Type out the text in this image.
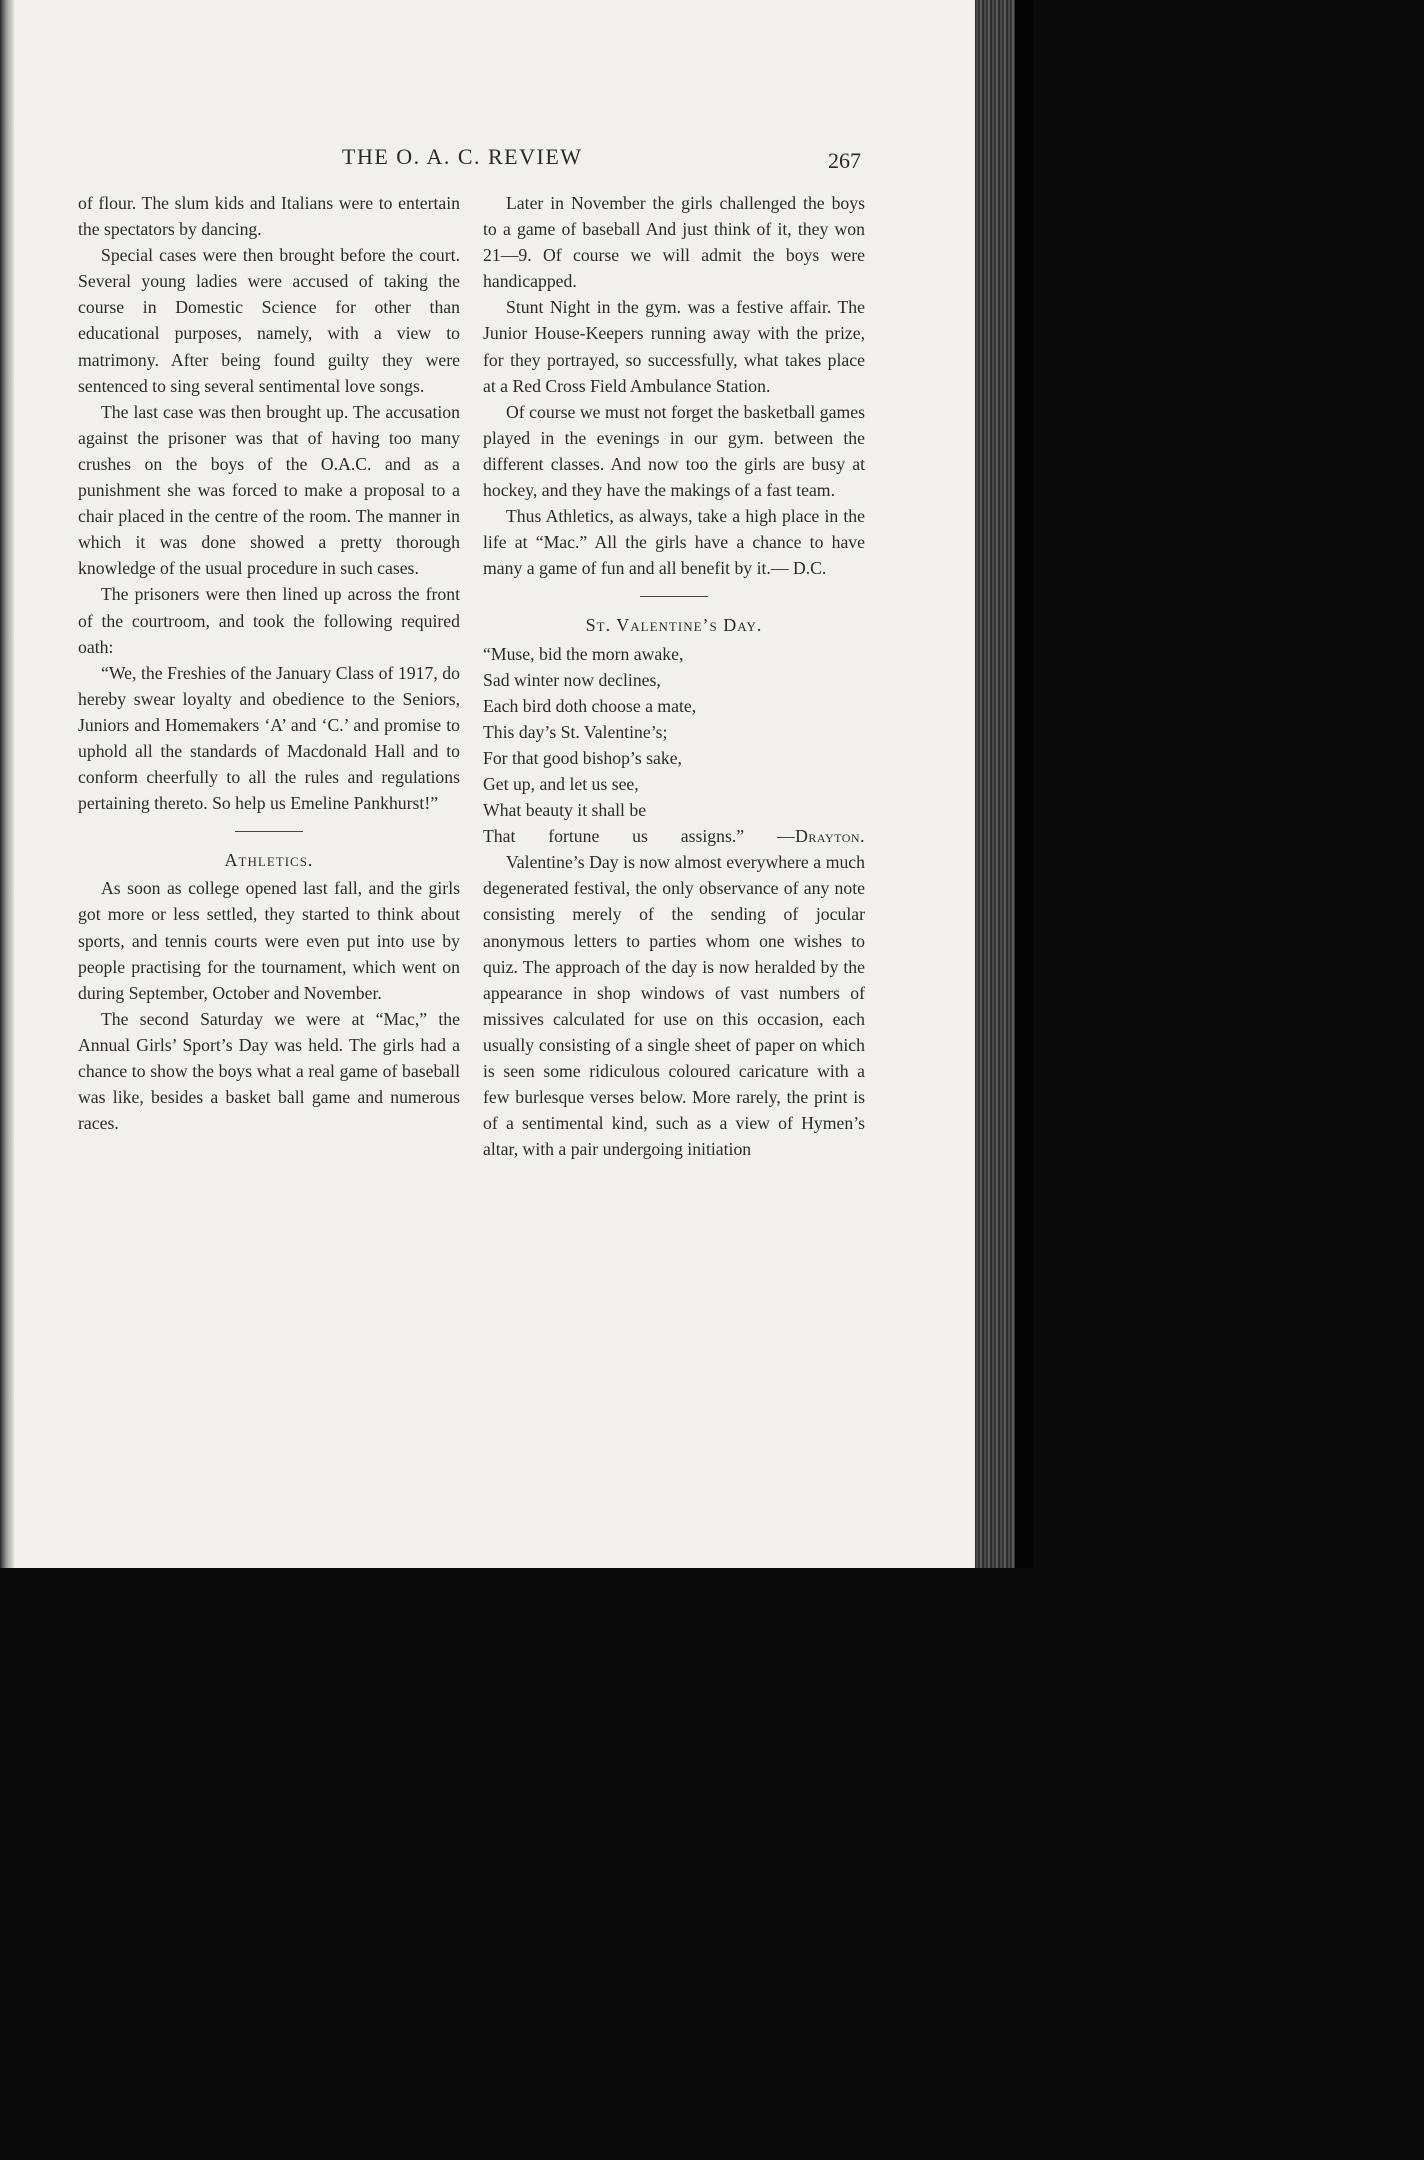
THE O. A. C. REVIEW	267

of flour. The slum kids and Italians were to entertain the spectators by dancing.

Special cases were then brought before the court. Several young ladies were accused of taking the course in Domestic Science for other than educational purposes, namely, with a view to matrimony. After being found guilty they were sentenced to sing several sentimental love songs.

The last case was then brought up. The accusation against the prisoner was that of having too many crushes on the boys of the O.A.C. and as a punishment she was forced to make a proposal to a chair placed in the centre of the room. The manner in which it was done showed a pretty thorough knowledge of the usual procedure in such cases.

The prisoners were then lined up across the front of the courtroom, and took the following required oath:

“We, the Freshies of the January Class of 1917, do hereby swear loyalty and obedience to the Seniors, Juniors and Homemakers ‘A’ and ‘C.’ and promise to uphold all the standards of Macdonald Hall and to conform cheerfully to all the rules and regulations pertaining thereto. So help us Emeline Pankhurst!”

Athletics.

As soon as college opened last fall, and the girls got more or less settled, they started to think about sports, and tennis courts were even put into use by people practising for the tournament, which went on during September, October and November.

The second Saturday we were at “Mac,” the Annual Girls’ Sport’s Day was held. The girls had a chance to show the boys what a real game of baseball was like, besides a basket ball game and numerous races.

Later in November the girls challenged the boys to a game of baseball And just think of it, they won 21—9. Of course we will admit the boys were handicapped.

Stunt Night in the gym. was a festive affair. The Junior House-Keepers running away with the prize, for they portrayed, so successfully, what takes place at a Red Cross Field Ambulance Station.

Of course we must not forget the basketball games played in the evenings in our gym. between the different classes. And now too the girls are busy at hockey, and they have the makings of a fast team.

Thus Athletics, as always, take a high place in the life at “Mac.” All the girls have a chance to have many a game of fun and all benefit by it.— D.C.

St. Valentine’s Day.
“Muse, bid the morn awake,
Sad winter now declines,
Each bird doth choose a mate,
This day’s St. Valentine’s;
For that good bishop’s sake,
Get up, and let us see,
What beauty it shall be
That fortune us assigns.” —Drayton.

Valentine’s Day is now almost everywhere a much degenerated festival, the only observance of any note consisting merely of the sending of jocular anonymous letters to parties whom one wishes to quiz. The approach of the day is now heralded by the appearance in shop windows of vast numbers of missives calculated for use on this occasion, each usually consisting of a single sheet of paper on which is seen some ridiculous coloured caricature with a few burlesque verses below. More rarely, the print is of a sentimental kind, such as a view of Hymen’s altar, with a pair undergoing initiation
